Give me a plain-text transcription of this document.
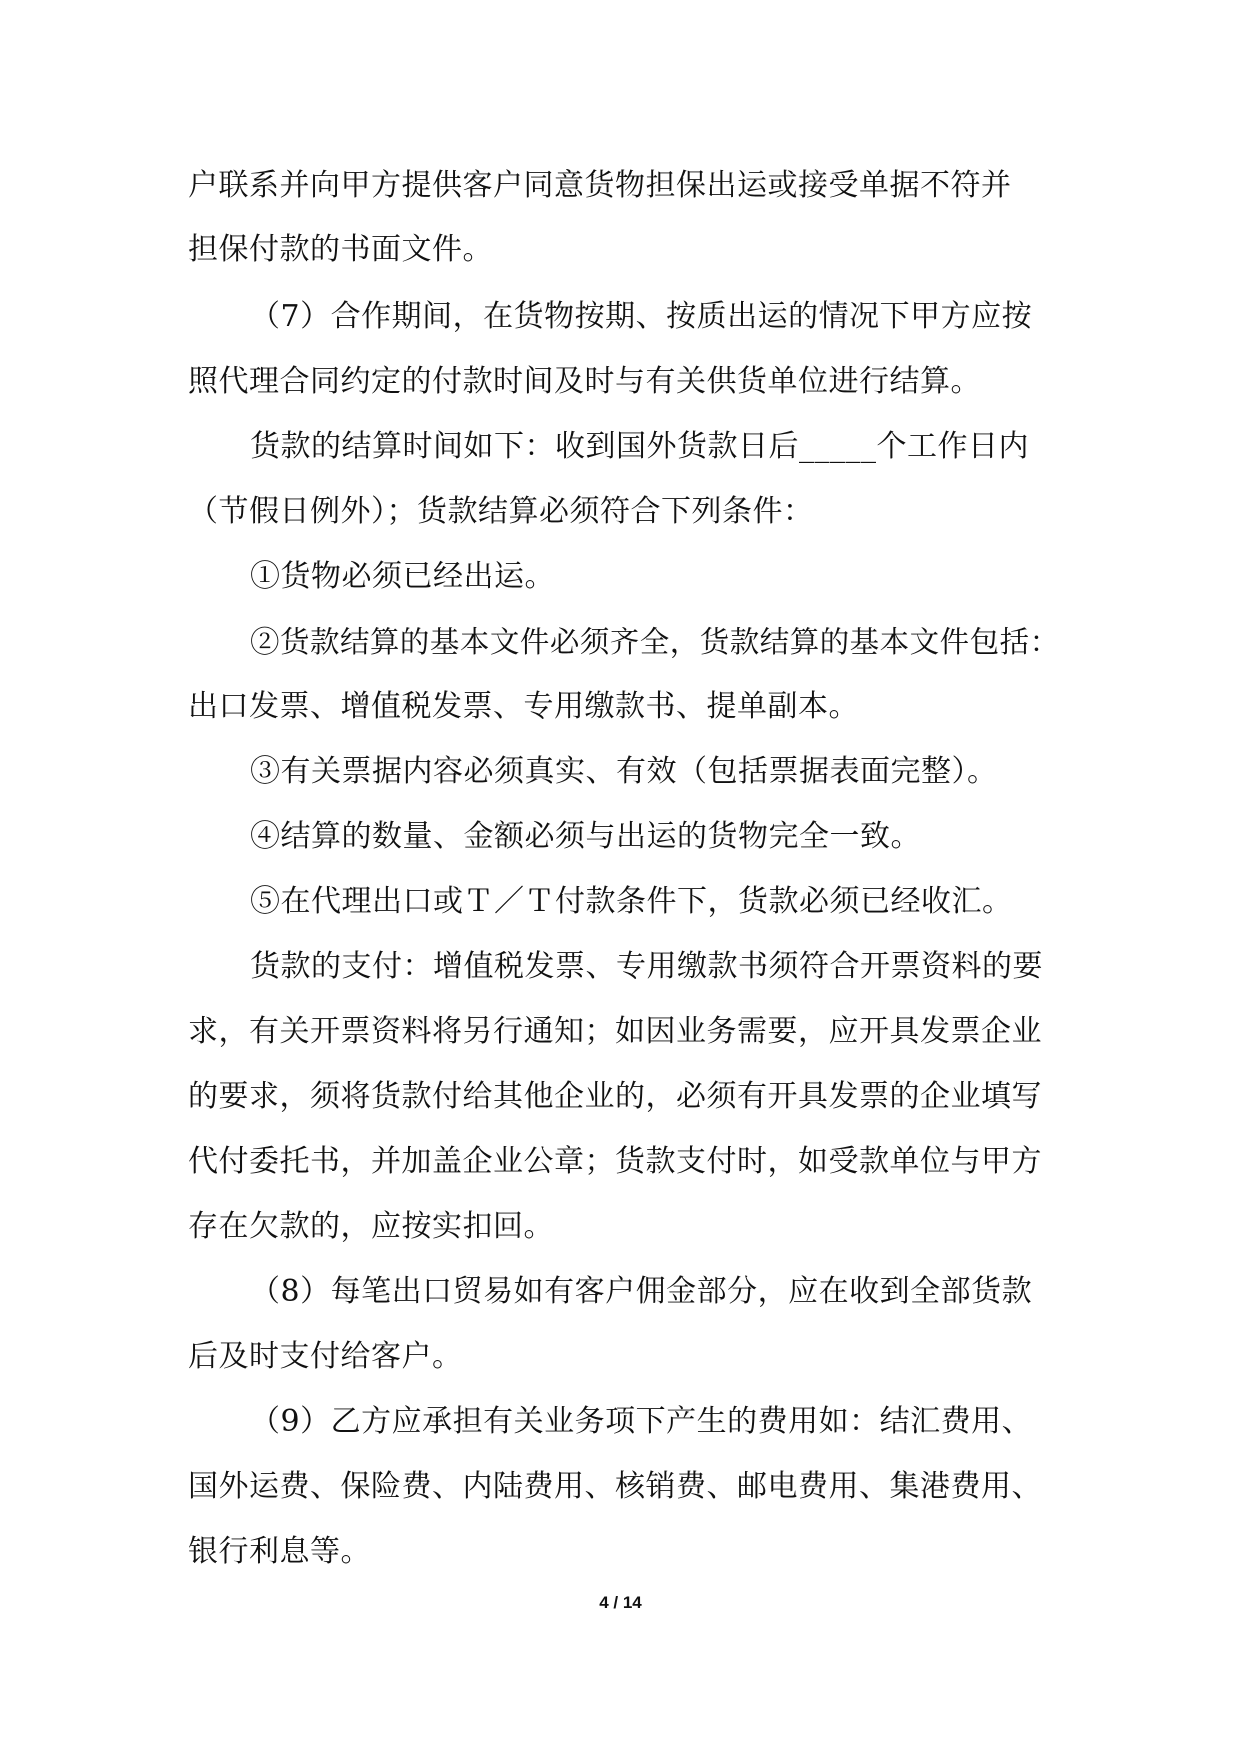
户联系并向甲方提供客户同意货物担保出运或接受单据不符并
担保付款的书面文件。
（7）合作期间，在货物按期、按质出运的情况下甲方应按
照代理合同约定的付款时间及时与有关供货单位进行结算。
货款的结算时间如下：收到国外货款日后_____个工作日内
（节假日例外）；货款结算必须符合下列条件：
①货物必须已经出运。
②货款结算的基本文件必须齐全，货款结算的基本文件包括：
出口发票、增值税发票、专用缴款书、提单副本。
③有关票据内容必须真实、有效（包括票据表面完整）。
④结算的数量、金额必须与出运的货物完全一致。
⑤在代理出口或Ｔ／Ｔ付款条件下，货款必须已经收汇。
货款的支付：增值税发票、专用缴款书须符合开票资料的要
求，有关开票资料将另行通知；如因业务需要，应开具发票企业
的要求，须将货款付给其他企业的，必须有开具发票的企业填写
代付委托书，并加盖企业公章；货款支付时，如受款单位与甲方
存在欠款的，应按实扣回。
（8）每笔出口贸易如有客户佣金部分，应在收到全部货款
后及时支付给客户。
（9）乙方应承担有关业务项下产生的费用如：结汇费用、
国外运费、保险费、内陆费用、核销费、邮电费用、集港费用、
银行利息等。
4 / 14
